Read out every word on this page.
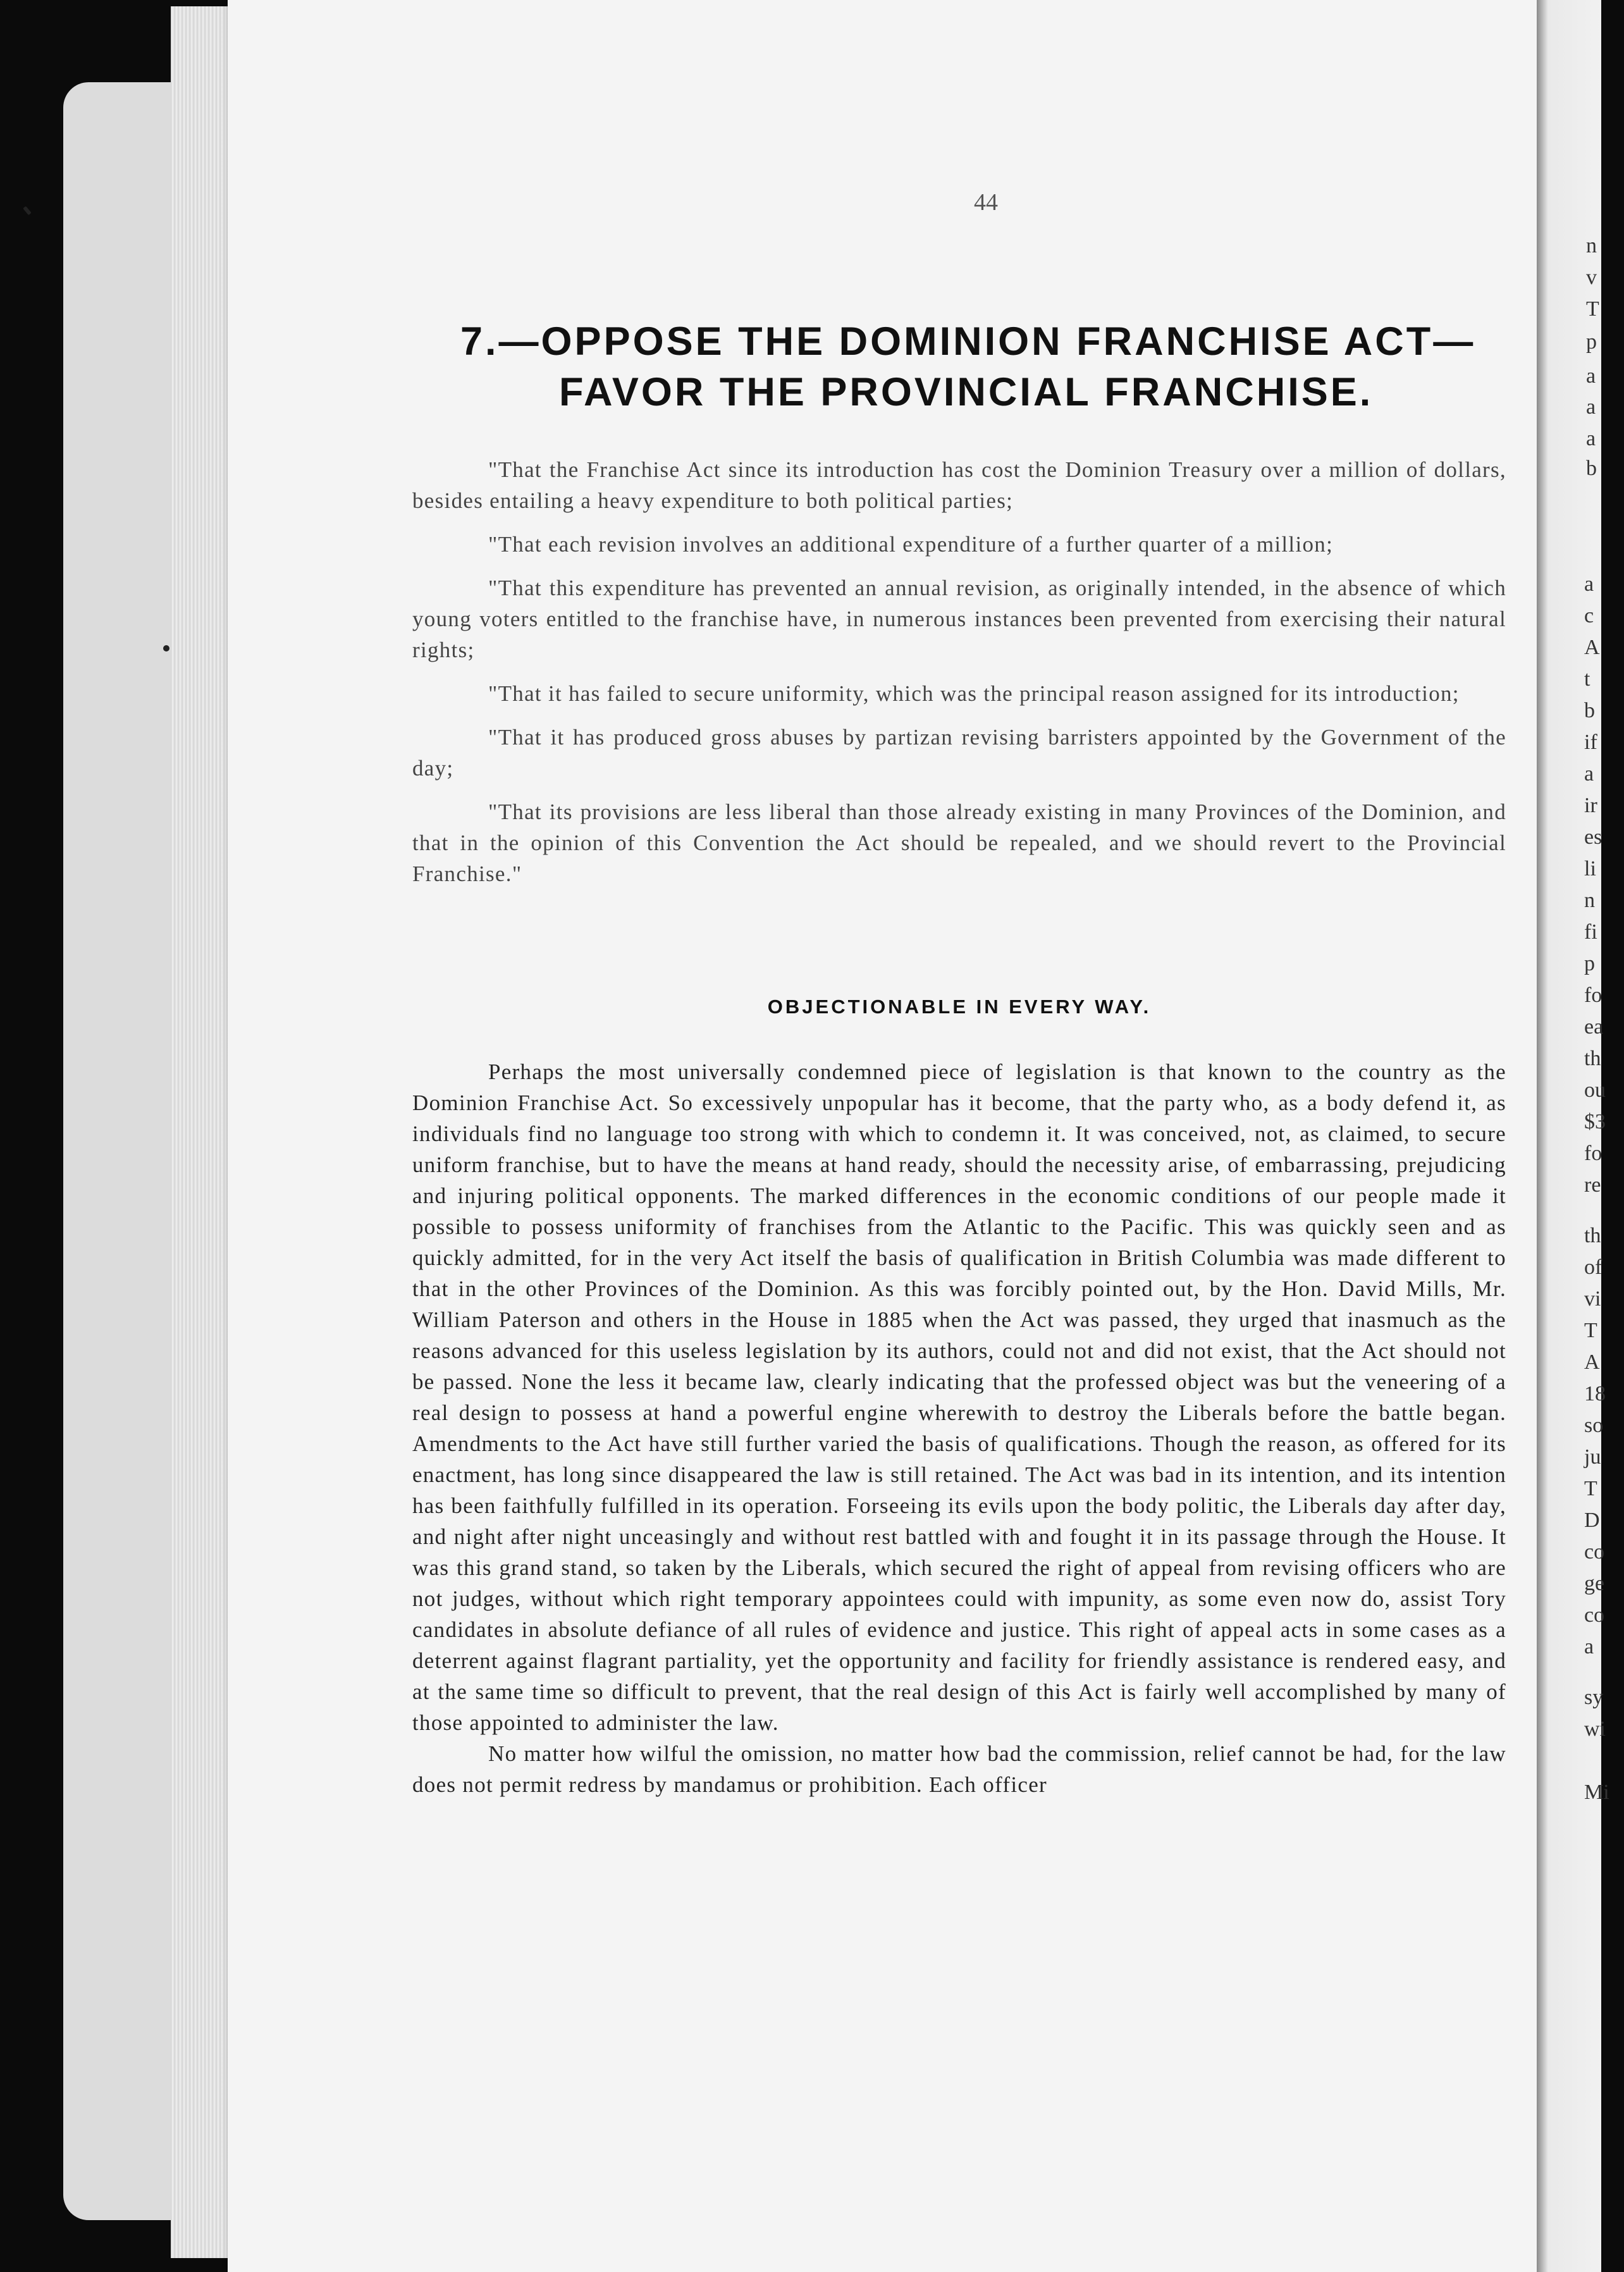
44
7.—OPPOSE THE DOMINION FRANCHISE ACT—
FAVOR THE PROVINCIAL FRANCHISE.

"That the Franchise Act since its introduction has cost the Dominion Treasury over a million of dollars, besides entailing a heavy expenditure to both political parties;

"That each revision involves an additional expenditure of a further quarter of a million;

"That this expenditure has prevented an annual revision, as originally intended, in the absence of which young voters entitled to the franchise have, in numerous instances been prevented from exercising their natural rights;

"That it has failed to secure uniformity, which was the principal reason assigned for its introduction;

"That it has produced gross abuses by partizan revising barristers appointed by the Government of the day;

"That its provisions are less liberal than those already existing in many Provinces of the Dominion, and that in the opinion of this Convention the Act should be repealed, and we should revert to the Provincial Franchise."

OBJECTIONABLE IN EVERY WAY.

Perhaps the most universally condemned piece of legislation is that known to the country as the Dominion Franchise Act. So excessively unpopular has it become, that the party who, as a body defend it, as individuals find no language too strong with which to condemn it. It was conceived, not, as claimed, to secure uniform franchise, but to have the means at hand ready, should the necessity arise, of embarrassing, prejudicing and injuring political opponents. The marked differences in the economic conditions of our people made it possible to possess uniformity of franchises from the Atlantic to the Pacific. This was quickly seen and as quickly admitted, for in the very Act itself the basis of qualification in British Columbia was made different to that in the other Provinces of the Dominion. As this was forcibly pointed out, by the Hon. David Mills, Mr. William Paterson and others in the House in 1885 when the Act was passed, they urged that inasmuch as the reasons advanced for this useless legislation by its authors, could not and did not exist, that the Act should not be passed. None the less it became law, clearly indicating that the professed object was but the veneering of a real design to possess at hand a powerful engine wherewith to destroy the Liberals before the battle began. Amendments to the Act have still further varied the basis of qualifications. Though the reason, as offered for its enactment, has long since disappeared the law is still retained. The Act was bad in its intention, and its intention has been faithfully fulfilled in its operation. Forseeing its evils upon the body politic, the Liberals day after day, and night after night unceasingly and without rest battled with and fought it in its passage through the House. It was this grand stand, so taken by the Liberals, which secured the right of appeal from revising officers who are not judges, without which right temporary appointees could with impunity, as some even now do, assist Tory candidates in absolute defiance of all rules of evidence and justice. This right of appeal acts in some cases as a deterrent against flagrant partiality, yet the opportunity and facility for friendly assistance is rendered easy, and at the same time so difficult to prevent, that the real design of this Act is fairly well accomplished by many of those appointed to administer the law.

No matter how wilful the omission, no matter how bad the commission, relief cannot be had, for the law does not permit redress by mandamus or prohibition. Each officer

n
v
T
p
a
a
a
b
a
c
A
t
b
if
a
ir
es
li
n
fi
p
fo
ea
th
ou
$3
fo
re
th
of
vi
T
A
18
so
ju
T
D
co
ge
co
a
sy
wi
Mi
